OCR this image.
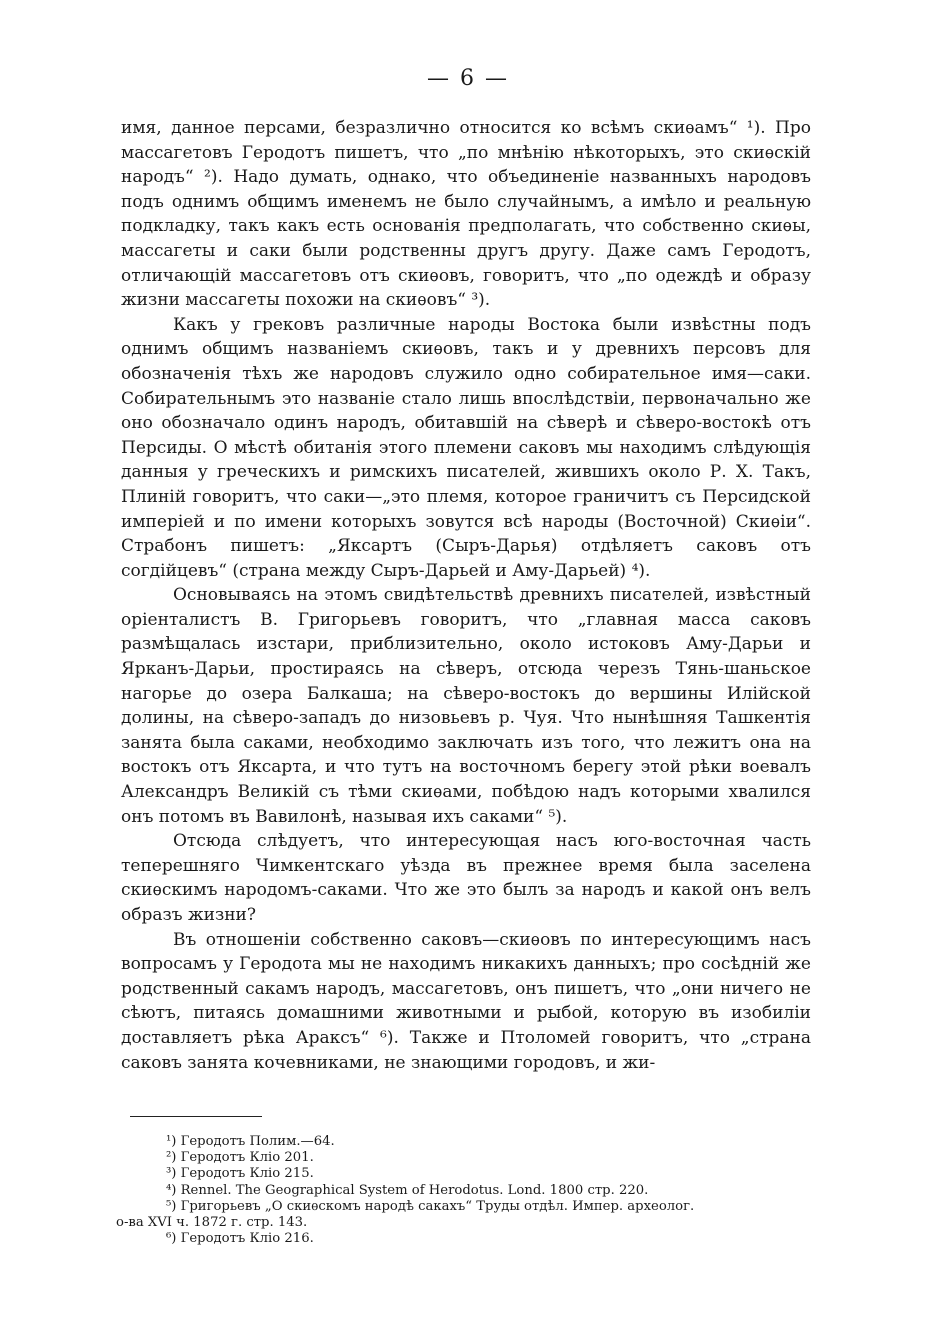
— 6 —

имя, данное персами, безразлично относится ко всѣмъ скиѳамъ“ ¹). Про массагетовъ Геродотъ пишетъ, что „по мнѣнію нѣкоторыхъ, это скиѳскій народъ“ ²). Надо думать, однако, что объединеніе названныхъ народовъ подъ однимъ общимъ именемъ не было случайнымъ, а имѣло и реальную подкладку, такъ какъ есть основанія предполагать, что собственно скиѳы, массагеты и саки были родственны другъ другу. Даже самъ Геродотъ, отличающій массагетовъ отъ скиѳовъ, говоритъ, что „по одеждѣ и образу жизни массагеты похожи на скиѳовъ“ ³).

Какъ у грековъ различные народы Востока были извѣстны подъ однимъ общимъ названіемъ скиѳовъ, такъ и у древнихъ персовъ для обозначенія тѣхъ же народовъ служило одно собирательное имя—саки. Собирательнымъ это названіе стало лишь впослѣдствіи, первоначально же оно обозначало одинъ народъ, обитавшій на сѣверѣ и сѣверо-востокѣ отъ Персиды. О мѣстѣ обитанія этого племени саковъ мы находимъ слѣдующія данныя у греческихъ и римскихъ писателей, жившихъ около Р. Х. Такъ, Плиній говоритъ, что саки—„это племя, которое граничитъ съ Персидской имперіей и по имени которыхъ зовутся всѣ народы (Восточной) Скиѳіи“. Страбонъ пишетъ: „Яксартъ (Сыръ-Дарья) отдѣляетъ саковъ отъ согдійцевъ“ (страна между Сыръ-Дарьей и Аму-Дарьей) ⁴).

Основываясь на этомъ свидѣтельствѣ древнихъ писателей, извѣстный оріенталистъ В. Григорьевъ говоритъ, что „главная масса саковъ размѣщалась изстари, приблизительно, около истоковъ Аму-Дарьи и Ярканъ-Дарьи, простираясь на сѣверъ, отсюда черезъ Тянь-шаньское нагорье до озера Балкаша; на сѣверо-востокъ до вершины Илійской долины, на сѣверо-западъ до низовьевъ р. Чуя. Что нынѣшняя Ташкентія занята была саками, необходимо заключать изъ того, что лежитъ она на востокъ отъ Яксарта, и что тутъ на восточномъ берегу этой рѣки воевалъ Александръ Великій съ тѣми скиѳами, побѣдою надъ которыми хвалился онъ потомъ въ Вавилонѣ, называя ихъ саками“ ⁵).

Отсюда слѣдуетъ, что интересующая насъ юго-восточная часть теперешняго Чимкентскаго уѣзда въ прежнее время была заселена скиѳскимъ народомъ-саками. Что же это былъ за народъ и какой онъ велъ образъ жизни?

Въ отношеніи собственно саковъ—скиѳовъ по интересующимъ насъ вопросамъ у Геродота мы не находимъ никакихъ данныхъ; про сосѣдній же родственный сакамъ народъ, массагетовъ, онъ пишетъ, что „они ничего не сѣютъ, питаясь домашними животными и рыбой, которую въ изобиліи доставляетъ рѣка Араксъ“ ⁶). Также и Птоломей говоритъ, что „страна саковъ занята кочевниками, не знающими городовъ, и жи-

¹) Геродотъ Полим.—64.

²) Геродотъ Кліо 201.

³) Геродотъ Кліо 215.

⁴) Rennel. The Geographical System of Herodotus. Lond. 1800 стр. 220.

⁵) Григорьевъ „О скиѳскомъ народѣ сакахъ“ Труды отдѣл. Импер. археолог.

о-ва XVI ч. 1872 г. стр. 143.

⁶) Геродотъ Кліо 216.
